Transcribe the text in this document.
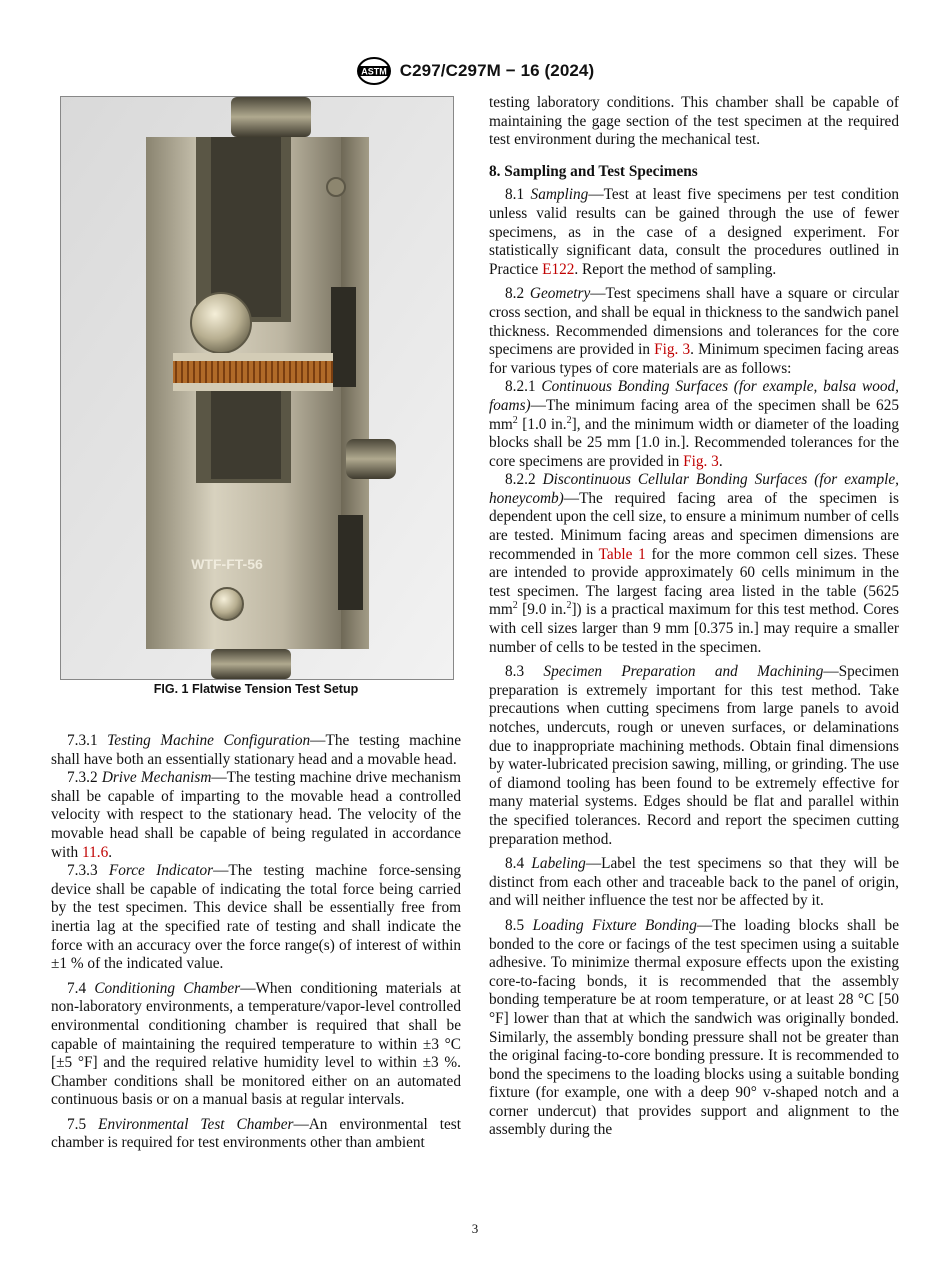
ASTM C297/C297M − 16 (2024)
WTF-FT-56
FIG. 1 Flatwise Tension Test Setup

7.3.1 Testing Machine Configuration—The testing machine shall have both an essentially stationary head and a movable head.

7.3.2 Drive Mechanism—The testing machine drive mechanism shall be capable of imparting to the movable head a controlled velocity with respect to the stationary head. The velocity of the movable head shall be capable of being regulated in accordance with 11.6.

7.3.3 Force Indicator—The testing machine force-sensing device shall be capable of indicating the total force being carried by the test specimen. This device shall be essentially free from inertia lag at the specified rate of testing and shall indicate the force with an accuracy over the force range(s) of interest of within ±1 % of the indicated value.

7.4 Conditioning Chamber—When conditioning materials at non-laboratory environments, a temperature/vapor-level controlled environmental conditioning chamber is required that shall be capable of maintaining the required temperature to within ±3 °C [±5 °F] and the required relative humidity level to within ±3 %. Chamber conditions shall be monitored either on an automated continuous basis or on a manual basis at regular intervals.

7.5 Environmental Test Chamber—An environmental test chamber is required for test environments other than ambient

testing laboratory conditions. This chamber shall be capable of maintaining the gage section of the test specimen at the required test environment during the mechanical test.

8. Sampling and Test Specimens

8.1 Sampling—Test at least five specimens per test condition unless valid results can be gained through the use of fewer specimens, as in the case of a designed experiment. For statistically significant data, consult the procedures outlined in Practice E122. Report the method of sampling.

8.2 Geometry—Test specimens shall have a square or circular cross section, and shall be equal in thickness to the sandwich panel thickness. Recommended dimensions and tolerances for the core specimens are provided in Fig. 3. Minimum specimen facing areas for various types of core materials are as follows:

8.2.1 Continuous Bonding Surfaces (for example, balsa wood, foams)—The minimum facing area of the specimen shall be 625 $mm^2$ [1.0 in.$^2$], and the minimum width or diameter of the loading blocks shall be 25 mm [1.0 in.]. Recommended tolerances for the core specimens are provided in Fig. 3.

8.2.2 Discontinuous Cellular Bonding Surfaces (for example, honeycomb)—The required facing area of the specimen is dependent upon the cell size, to ensure a minimum number of cells are tested. Minimum facing areas and specimen dimensions are recommended in Table 1 for the more common cell sizes. These are intended to provide approximately 60 cells minimum in the test specimen. The largest facing area listed in the table (5625 $mm^2$ [9.0 in.$^2$]) is a practical maximum for this test method. Cores with cell sizes larger than 9 mm [0.375 in.] may require a smaller number of cells to be tested in the specimen.

8.3 Specimen Preparation and Machining—Specimen preparation is extremely important for this test method. Take precautions when cutting specimens from large panels to avoid notches, undercuts, rough or uneven surfaces, or delaminations due to inappropriate machining methods. Obtain final dimensions by water-lubricated precision sawing, milling, or grinding. The use of diamond tooling has been found to be extremely effective for many material systems. Edges should be flat and parallel within the specified tolerances. Record and report the specimen cutting preparation method.

8.4 Labeling—Label the test specimens so that they will be distinct from each other and traceable back to the panel of origin, and will neither influence the test nor be affected by it.

8.5 Loading Fixture Bonding—The loading blocks shall be bonded to the core or facings of the test specimen using a suitable adhesive. To minimize thermal exposure effects upon the existing core-to-facing bonds, it is recommended that the assembly bonding temperature be at room temperature, or at least 28 °C [50 °F] lower than that at which the sandwich was originally bonded. Similarly, the assembly bonding pressure shall not be greater than the original facing-to-core bonding pressure. It is recommended to bond the specimens to the loading blocks using a suitable bonding fixture (for example, one with a deep 90° v-shaped notch and a corner undercut) that provides support and alignment to the assembly during the

3
